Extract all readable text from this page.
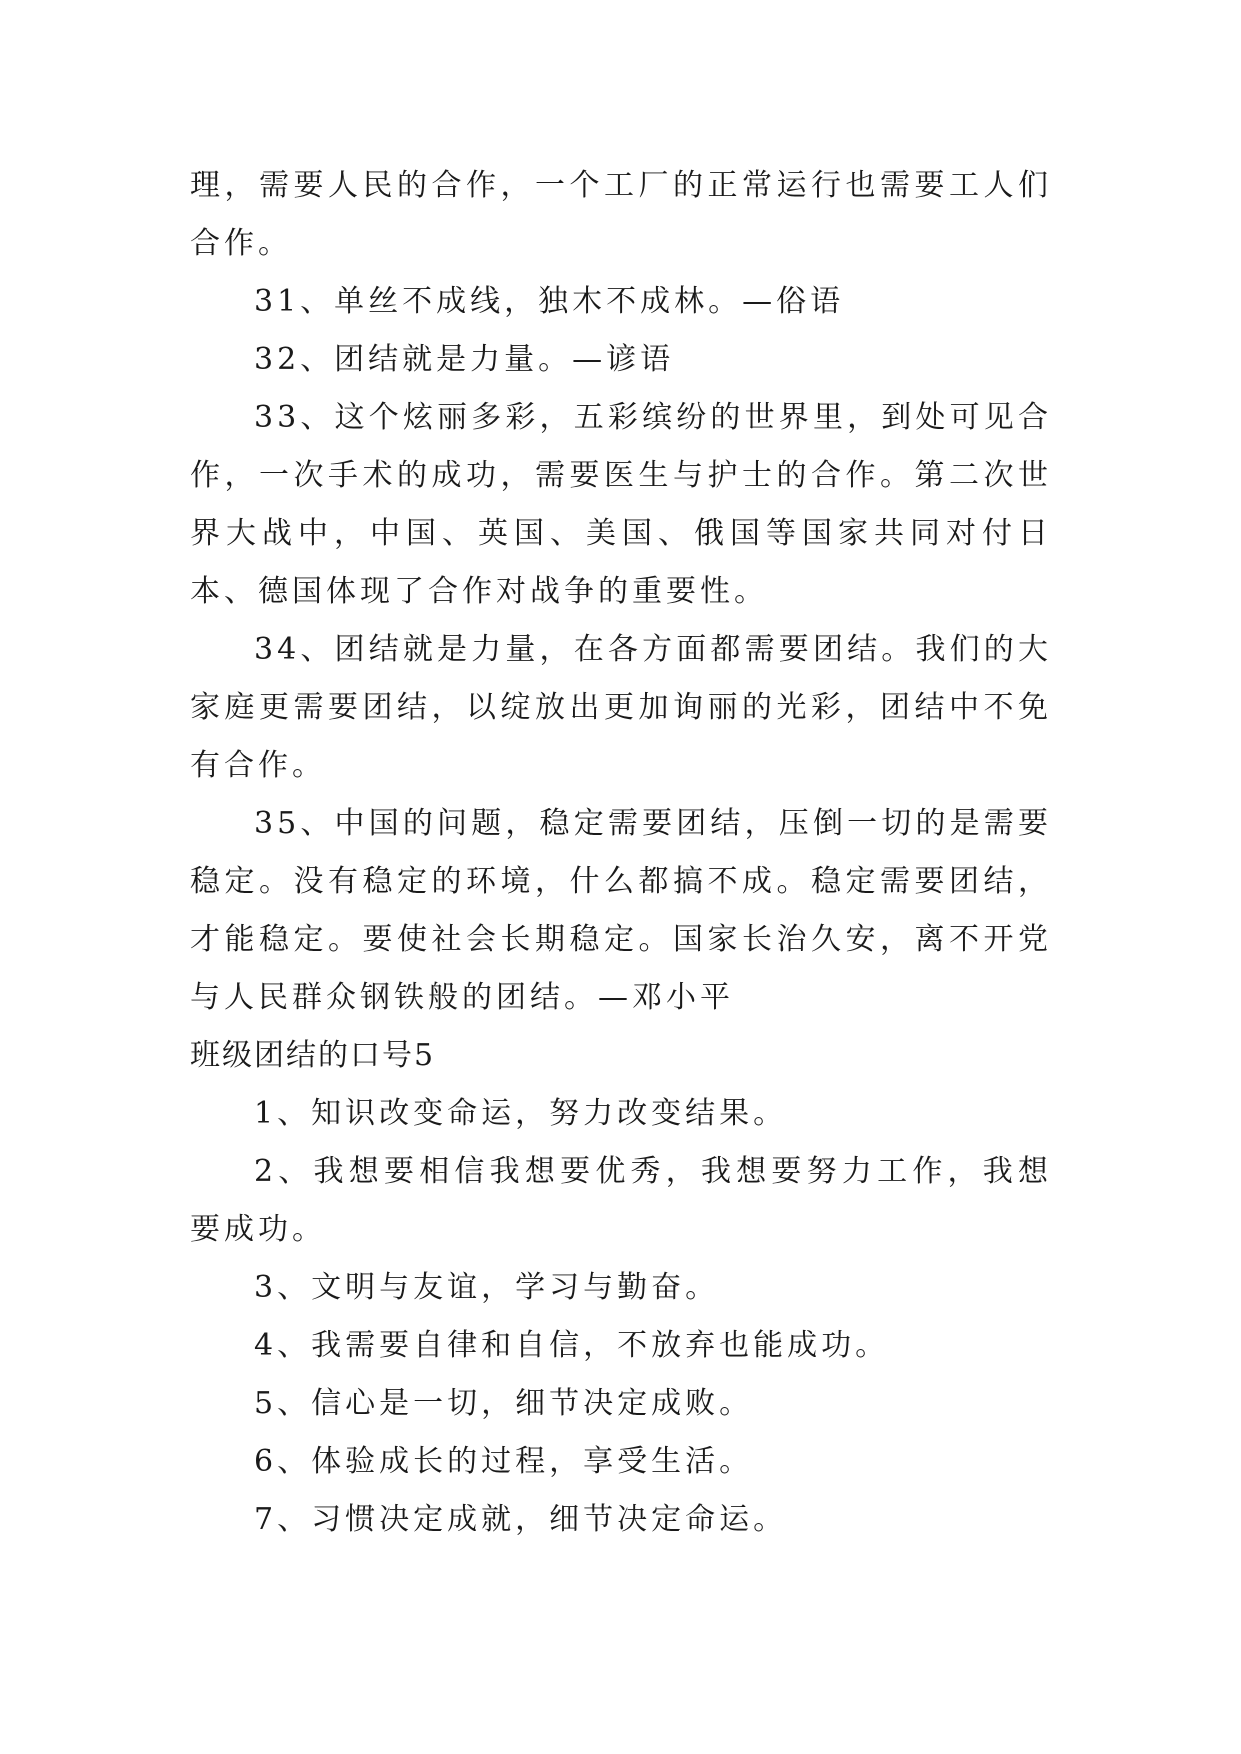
理，需要人民的合作，一个工厂的正常运行也需要工人们合作。

31、单丝不成线，独木不成林。—俗语

32、团结就是力量。—谚语

33、这个炫丽多彩，五彩缤纷的世界里，到处可见合作，一次手术的成功，需要医生与护士的合作。第二次世界大战中，中国、英国、美国、俄国等国家共同对付日本、德国体现了合作对战争的重要性。

34、团结就是力量，在各方面都需要团结。我们的大家庭更需要团结，以绽放出更加询丽的光彩，团结中不免有合作。

35、中国的问题，稳定需要团结，压倒一切的是需要稳定。没有稳定的环境，什么都搞不成。稳定需要团结，才能稳定。要使社会长期稳定。国家长治久安，离不开党与人民群众钢铁般的团结。—邓小平

班级团结的口号5

1、知识改变命运，努力改变结果。

2、我想要相信我想要优秀，我想要努力工作，我想要成功。

3、文明与友谊，学习与勤奋。

4、我需要自律和自信，不放弃也能成功。

5、信心是一切，细节决定成败。

6、体验成长的过程，享受生活。

7、习惯决定成就，细节决定命运。
